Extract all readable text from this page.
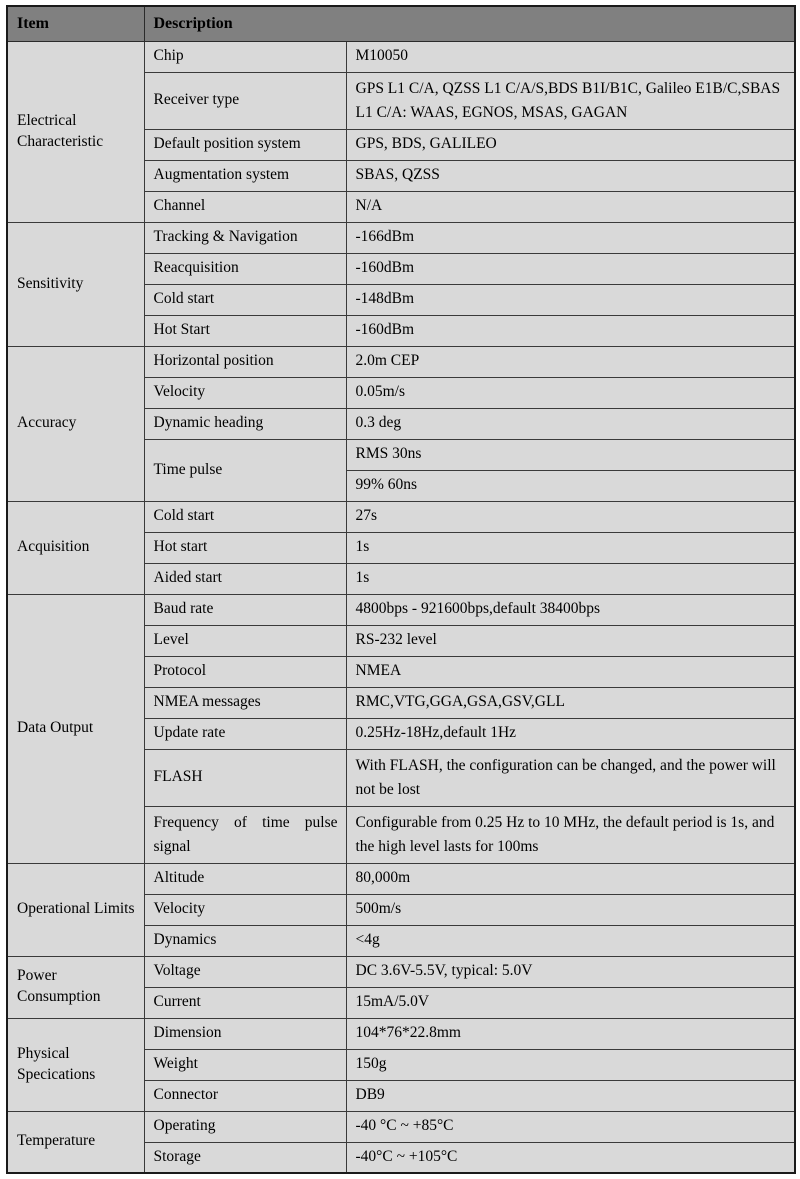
Item	Description	
Electrical Characteristic	Chip	M10050
	Receiver type	GPS L1 C/A, QZSS L1 C/A/S,BDS B1I/B1C, Galileo E1B/C,SBAS L1 C/A: WAAS, EGNOS, MSAS, GAGAN
	Default position system	GPS, BDS, GALILEO
	Augmentation system	SBAS, QZSS
	Channel	N/A
Sensitivity	Tracking & Navigation	-166dBm
	Reacquisition	-160dBm
	Cold start	-148dBm
	Hot Start	-160dBm
Accuracy	Horizontal position	2.0m CEP
	Velocity	0.05m/s
	Dynamic heading	0.3 deg
	Time pulse	RMS 30ns
		99% 60ns
Acquisition	Cold start	27s
	Hot start	1s
	Aided start	1s
Data Output	Baud rate	4800bps - 921600bps,default 38400bps
	Level	RS-232 level
	Protocol	NMEA
	NMEA messages	RMC,VTG,GGA,GSA,GSV,GLL
	Update rate	0.25Hz-18Hz,default 1Hz
	FLASH	With FLASH, the configuration can be changed, and the power will not be lost
	Frequency of time pulse signal	Configurable from 0.25 Hz to 10 MHz, the default period is 1s, and the high level lasts for 100ms
Operational Limits	Altitude	80,000m
	Velocity	500m/s
	Dynamics	<4g
Power Consumption	Voltage	DC 3.6V-5.5V, typical: 5.0V
	Current	15mA/5.0V
Physical Specications	Dimension	104*76*22.8mm
	Weight	150g
	Connector	DB9
Temperature	Operating	-40 °C ~ +85°C
	Storage	-40°C ~ +105°C
